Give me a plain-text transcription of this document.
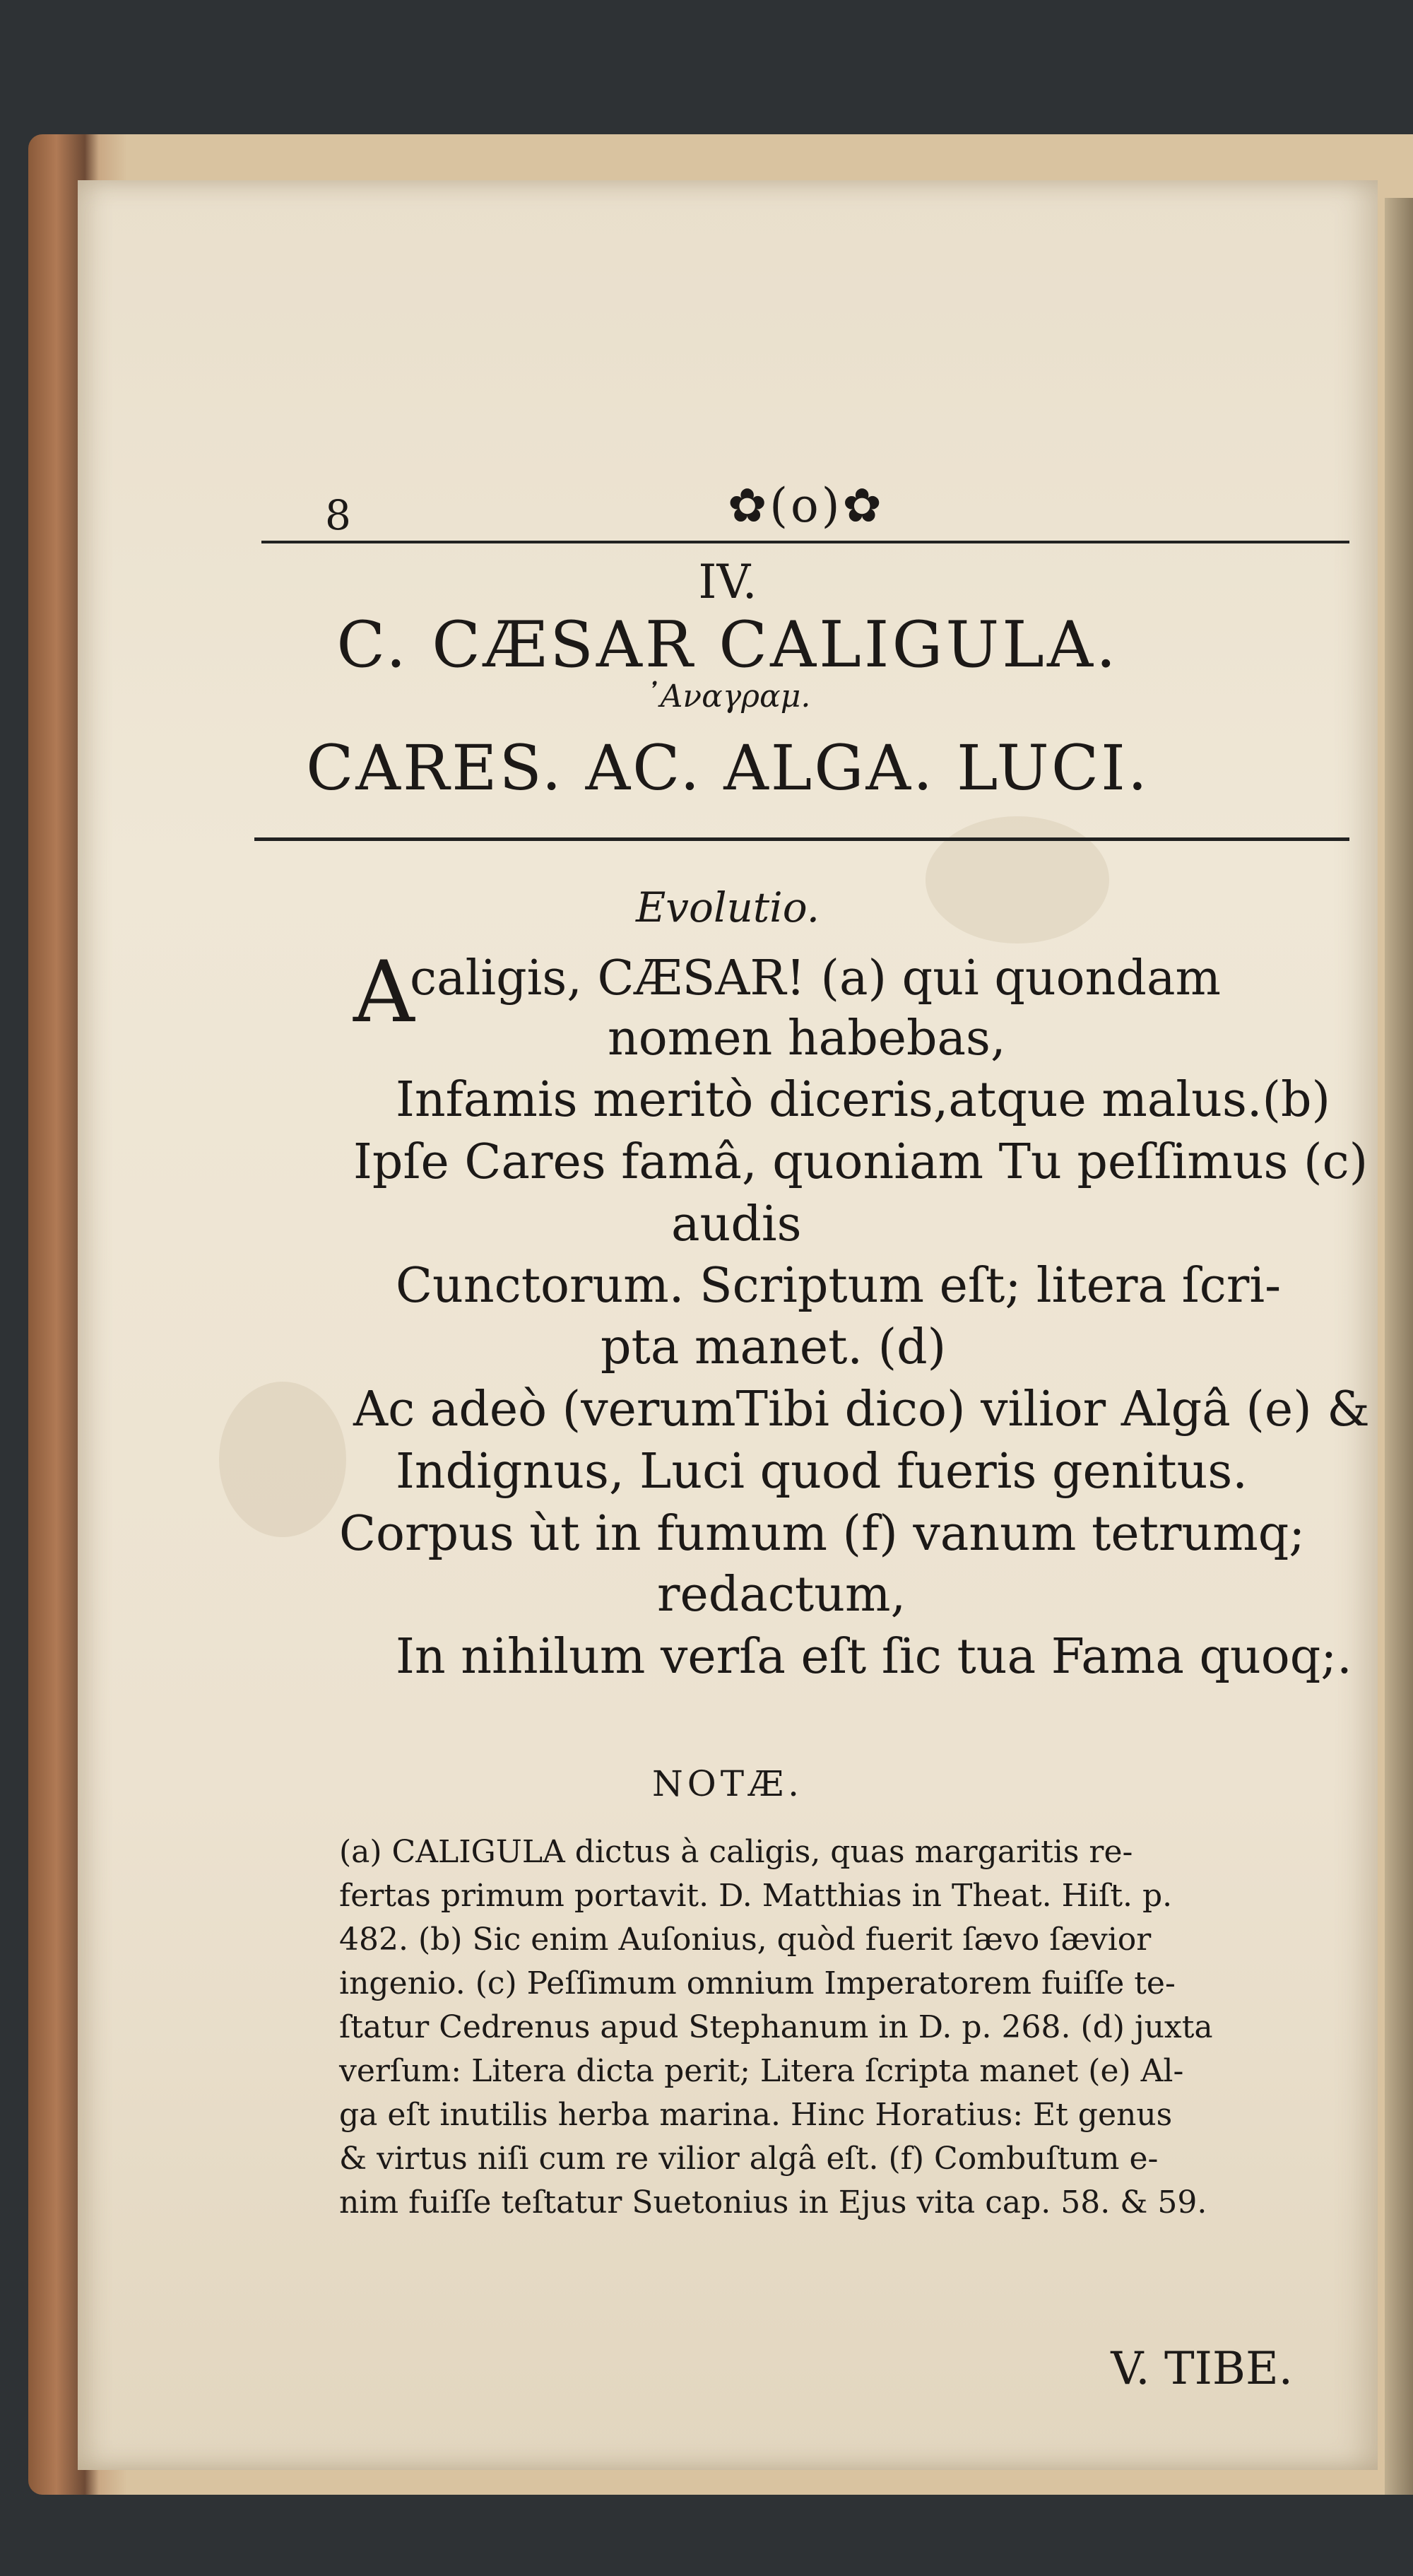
8	✿(o)✿
IV.
C. CÆSAR CALIGULA.
᾽Αναγραμ.
CARES. AC. ALGA. LUCI.
Evolutio.
A
caligis, CÆSAR! (a) qui quondam
nomen habebas,
Infamis meritò diceris,atque malus.(b)
Ipſe Cares famâ, quoniam Tu peſſimus (c)
audis
Cunctorum. Scriptum eſt; litera ſcri-
pta manet. (d)
Ac adeò (verumTibi dico) vilior Algâ (e) &
Indignus, Luci quod fueris genitus.
Corpus ùt in fumum (f) vanum tetrumq;
redactum,
In nihilum verſa eſt ſic tua Fama quoq;.
NOTÆ.
(a) CALIGULA dictus à caligis, quas margaritis re-
fertas primum portavit. D. Matthias in Theat. Hiſt. p.
482. (b) Sic enim Auſonius, quòd fuerit ſævo ſævior
ingenio. (c) Peſſimum omnium Imperatorem fuiſſe te-
ſtatur Cedrenus apud Stephanum in D. p. 268. (d) juxta
verſum: Litera dicta perit; Litera ſcripta manet (e) Al-
ga eſt inutilis herba marina. Hinc Horatius: Et genus
& virtus niſi cum re vilior algâ eſt. (f) Combuſtum e-
nim fuiſſe teſtatur Suetonius in Ejus vita cap. 58. & 59.
V. TIBE.
